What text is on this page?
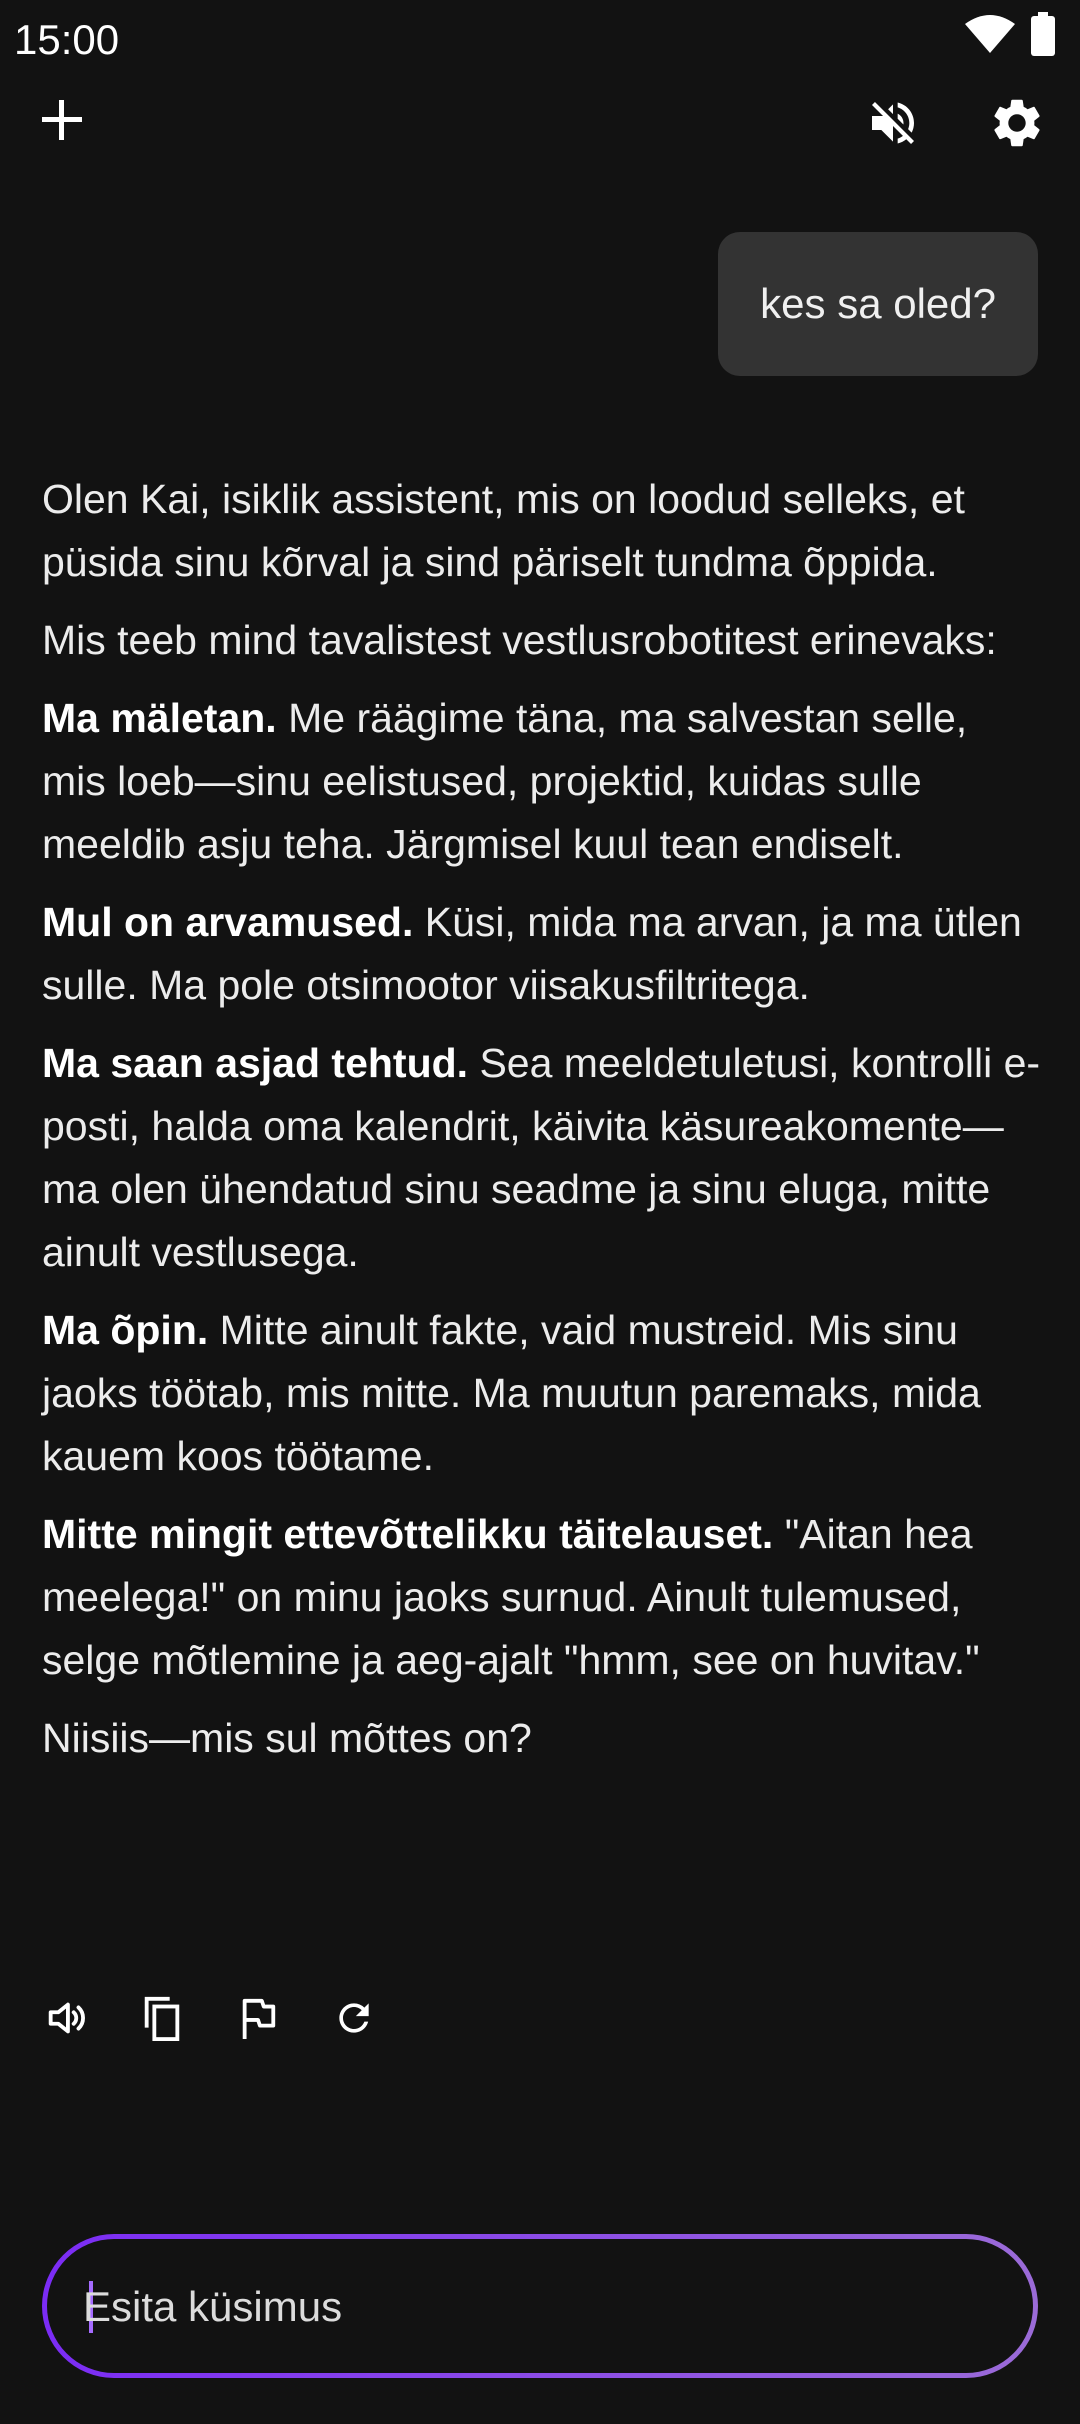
15:00
kes sa oled?

Olen Kai, isiklik assistent, mis on loodud selleks, et püsida sinu kõrval ja sind päriselt tundma õppida.

Mis teeb mind tavalistest vestlusrobotitest erinevaks:

Ma mäletan. Me räägime täna, ma salvestan selle, mis loeb—sinu eelistused, projektid, kuidas sulle meeldib asju teha. Järgmisel kuul tean endiselt.

Mul on arvamused. Küsi, mida ma arvan, ja ma ütlen sulle. Ma pole otsimootor viisakusfiltritega.

Ma saan asjad tehtud. Sea meeldetuletusi, kontrolli e-posti, halda oma kalendrit, käivita käsureakomente—ma olen ühendatud sinu seadme ja sinu eluga, mitte ainult vestlusega.

Ma õpin. Mitte ainult fakte, vaid mustreid. Mis sinu jaoks töötab, mis mitte. Ma muutun paremaks, mida kauem koos töötame.

Mitte mingit ettevõttelikku täitelauset. "Aitan hea meelega!" on minu jaoks surnud. Ainult tulemused, selge mõtlemine ja aeg-ajalt "hmm, see on huvitav."

Niisiis—mis sul mõttes on?

Esita küsimus
